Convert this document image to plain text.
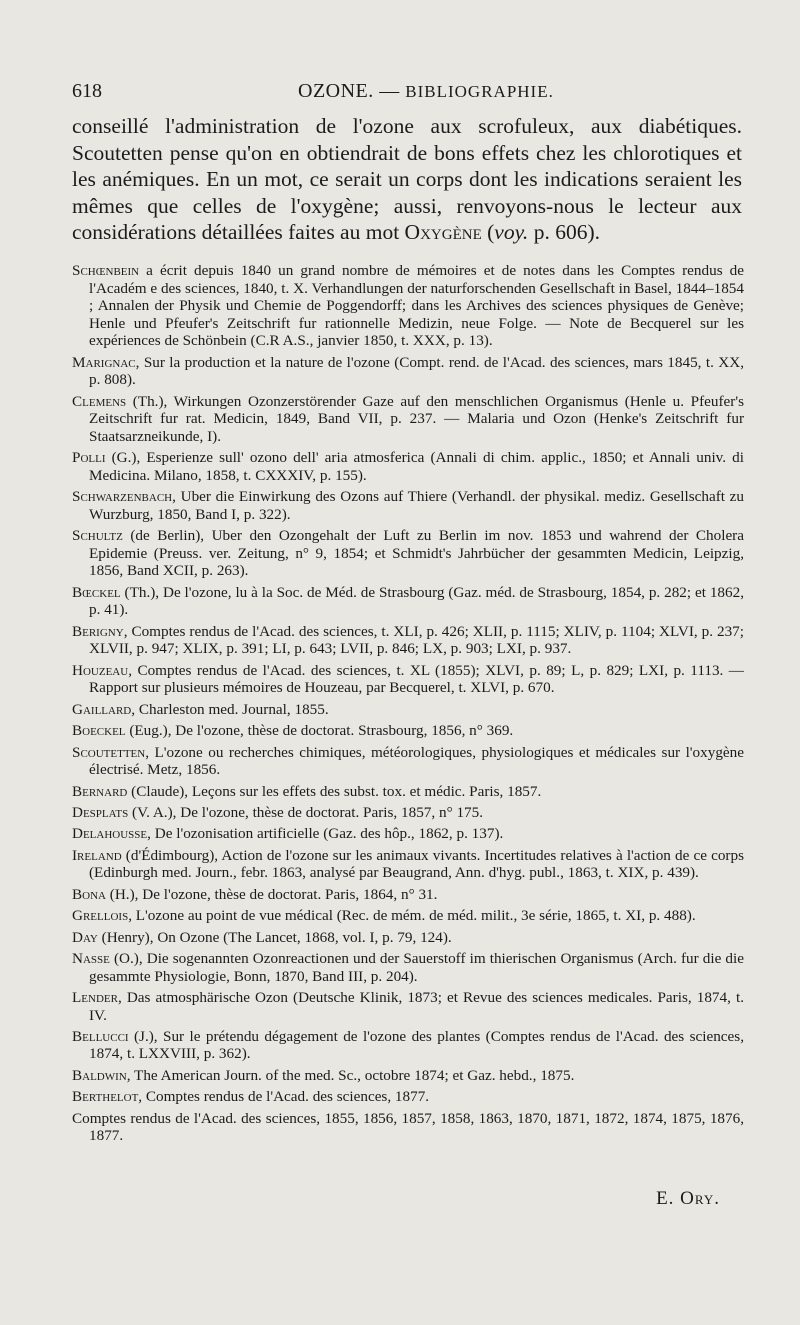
618	OZONE. — BIBLIOGRAPHIE.

conseillé l'administration de l'ozone aux scrofuleux, aux diabétiques. Scoutetten pense qu'on en obtiendrait de bons effets chez les chlorotiques et les anémiques. En un mot, ce serait un corps dont les indications seraient les mêmes que celles de l'oxygène; aussi, renvoyons-nous le lecteur aux considérations détaillées faites au mot Oxygène (voy. p. 606).

Schœnbein a écrit depuis 1840 un grand nombre de mémoires et de notes dans les Comptes rendus de l'Académ e des sciences, 1840, t. X. Verhandlungen der naturforschenden Gesellschaft in Basel, 1844–1854 ; Annalen der Physik und Chemie de Poggendorff; dans les Archives des sciences physiques de Genève; Henle und Pfeufer's Zeitschrift fur rationnelle Medizin, neue Folge. — Note de Becquerel sur les expériences de Schönbein (C.R A.S., janvier 1850, t. XXX, p. 13).
Marignac, Sur la production et la nature de l'ozone (Compt. rend. de l'Acad. des sciences, mars 1845, t. XX, p. 808).
Clemens (Th.), Wirkungen Ozonzerstörender Gaze auf den menschlichen Organismus (Henle u. Pfeufer's Zeitschrift fur rat. Medicin, 1849, Band VII, p. 237. — Malaria und Ozon (Henke's Zeitschrift fur Staatsarzneikunde, I).
Polli (G.), Esperienze sull' ozono dell' aria atmosferica (Annali di chim. applic., 1850; et Annali univ. di Medicina. Milano, 1858, t. CXXXIV, p. 155).
Schwarzenbach, Uber die Einwirkung des Ozons auf Thiere (Verhandl. der physikal. mediz. Gesellschaft zu Wurzburg, 1850, Band I, p. 322).
Schultz (de Berlin), Uber den Ozongehalt der Luft zu Berlin im nov. 1853 und wahrend der Cholera Epidemie (Preuss. ver. Zeitung, n° 9, 1854; et Schmidt's Jahrbücher der gesammten Medicin, Leipzig, 1856, Band XCII, p. 263).
Bœckel (Th.), De l'ozone, lu à la Soc. de Méd. de Strasbourg (Gaz. méd. de Strasbourg, 1854, p. 282; et 1862, p. 41).
Berigny, Comptes rendus de l'Acad. des sciences, t. XLI, p. 426; XLII, p. 1115; XLIV, p. 1104; XLVI, p. 237; XLVII, p. 947; XLIX, p. 391; LI, p. 643; LVII, p. 846; LX, p. 903; LXI, p. 937.
Houzeau, Comptes rendus de l'Acad. des sciences, t. XL (1855); XLVI, p. 89; L, p. 829; LXI, p. 1113. — Rapport sur plusieurs mémoires de Houzeau, par Becquerel, t. XLVI, p. 670.
Gaillard, Charleston med. Journal, 1855.
Boeckel (Eug.), De l'ozone, thèse de doctorat. Strasbourg, 1856, n° 369.
Scoutetten, L'ozone ou recherches chimiques, météorologiques, physiologiques et médicales sur l'oxygène électrisé. Metz, 1856.
Bernard (Claude), Leçons sur les effets des subst. tox. et médic. Paris, 1857.
Desplats (V. A.), De l'ozone, thèse de doctorat. Paris, 1857, n° 175.
Delahousse, De l'ozonisation artificielle (Gaz. des hôp., 1862, p. 137).
Ireland (d'Édimbourg), Action de l'ozone sur les animaux vivants. Incertitudes relatives à l'action de ce corps (Edinburgh med. Journ., febr. 1863, analysé par Beaugrand, Ann. d'hyg. publ., 1863, t. XIX, p. 439).
Bona (H.), De l'ozone, thèse de doctorat. Paris, 1864, n° 31.
Grellois, L'ozone au point de vue médical (Rec. de mém. de méd. milit., 3e série, 1865, t. XI, p. 488).
Day (Henry), On Ozone (The Lancet, 1868, vol. I, p. 79, 124).
Nasse (O.), Die sogenannten Ozonreactionen und der Sauerstoff im thierischen Organismus (Arch. fur die die gesammte Physiologie, Bonn, 1870, Band III, p. 204).
Lender, Das atmosphärische Ozon (Deutsche Klinik, 1873; et Revue des sciences medicales. Paris, 1874, t. IV.
Bellucci (J.), Sur le prétendu dégagement de l'ozone des plantes (Comptes rendus de l'Acad. des sciences, 1874, t. LXXVIII, p. 362).
Baldwin, The American Journ. of the med. Sc., octobre 1874; et Gaz. hebd., 1875.
Berthelot, Comptes rendus de l'Acad. des sciences, 1877.
Comptes rendus de l'Acad. des sciences, 1855, 1856, 1857, 1858, 1863, 1870, 1871, 1872, 1874, 1875, 1876, 1877.
E. Ory.
